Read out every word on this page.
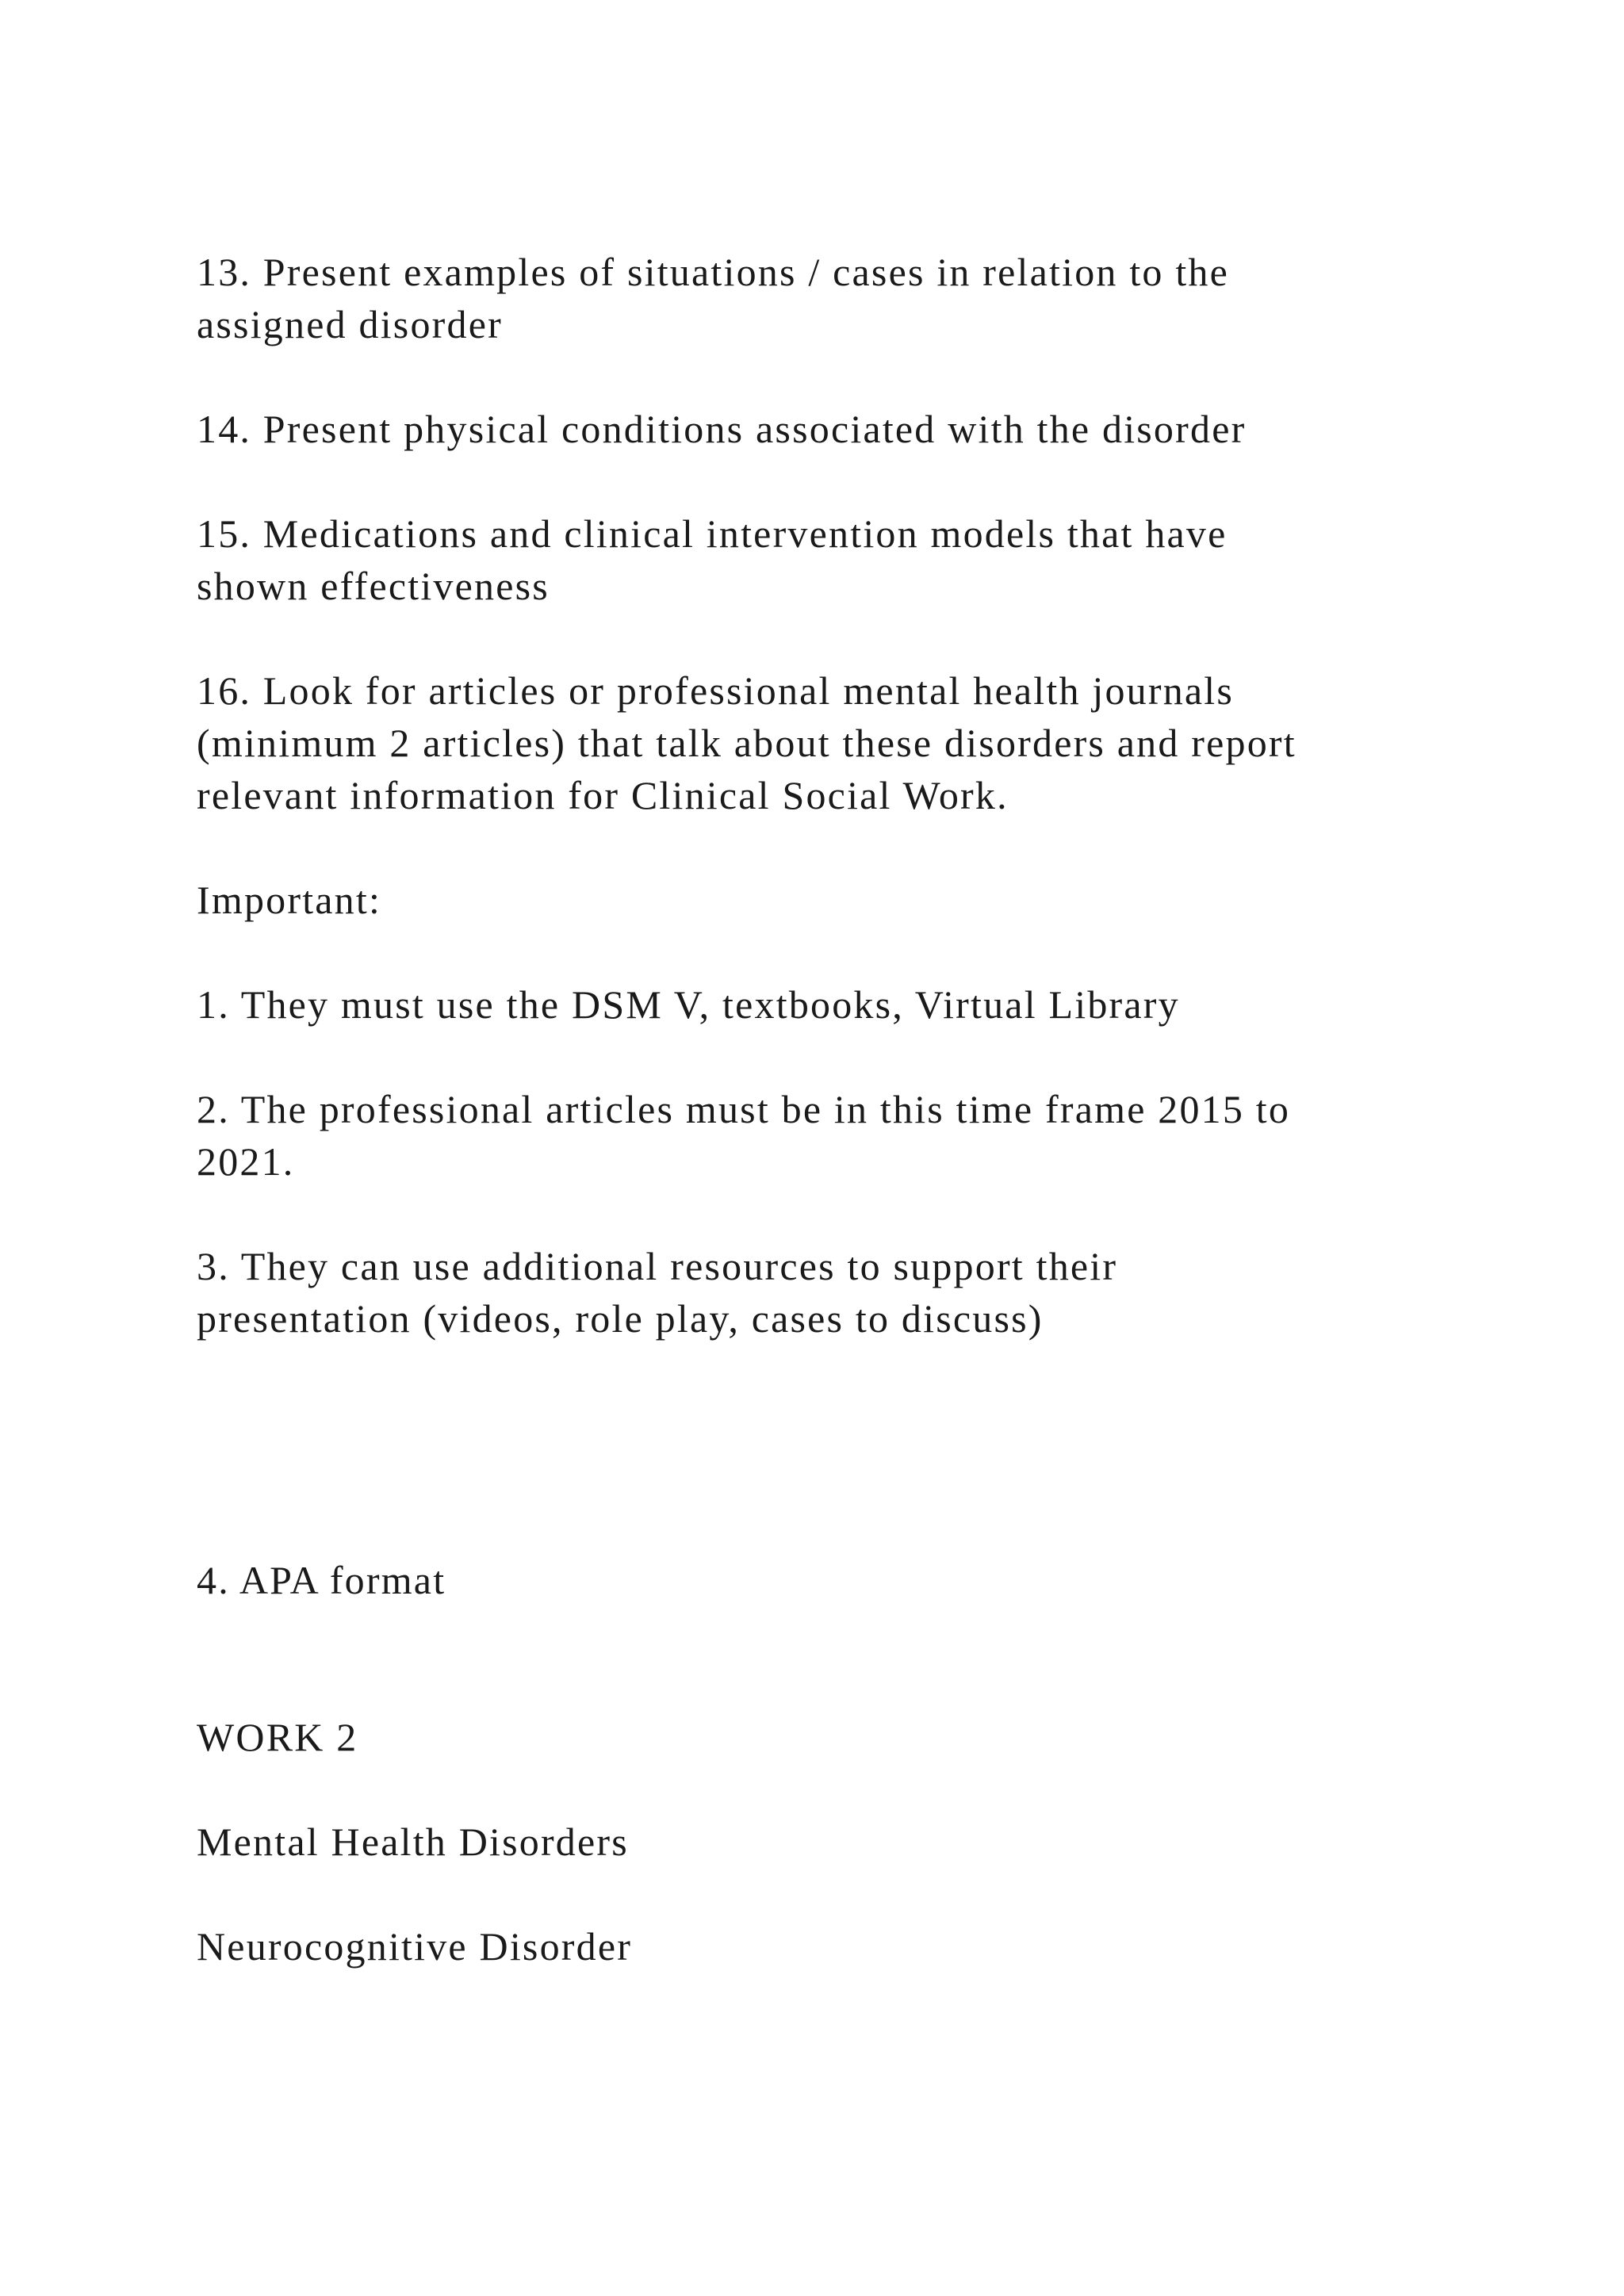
13. Present examples of situations / cases in relation to the
assigned disorder

14. Present physical conditions associated with the disorder

15. Medications and clinical intervention models that have
shown effectiveness

16. Look for articles or professional mental health journals
(minimum 2 articles) that talk about these disorders and report
relevant information for Clinical Social Work.

Important:

1. They must use the DSM V, textbooks, Virtual Library

2. The professional articles must be in this time frame 2015 to
2021.

3. They can use additional resources to support their
presentation (videos, role play, cases to discuss)

4. APA format

WORK 2

Mental Health Disorders

Neurocognitive Disorder
